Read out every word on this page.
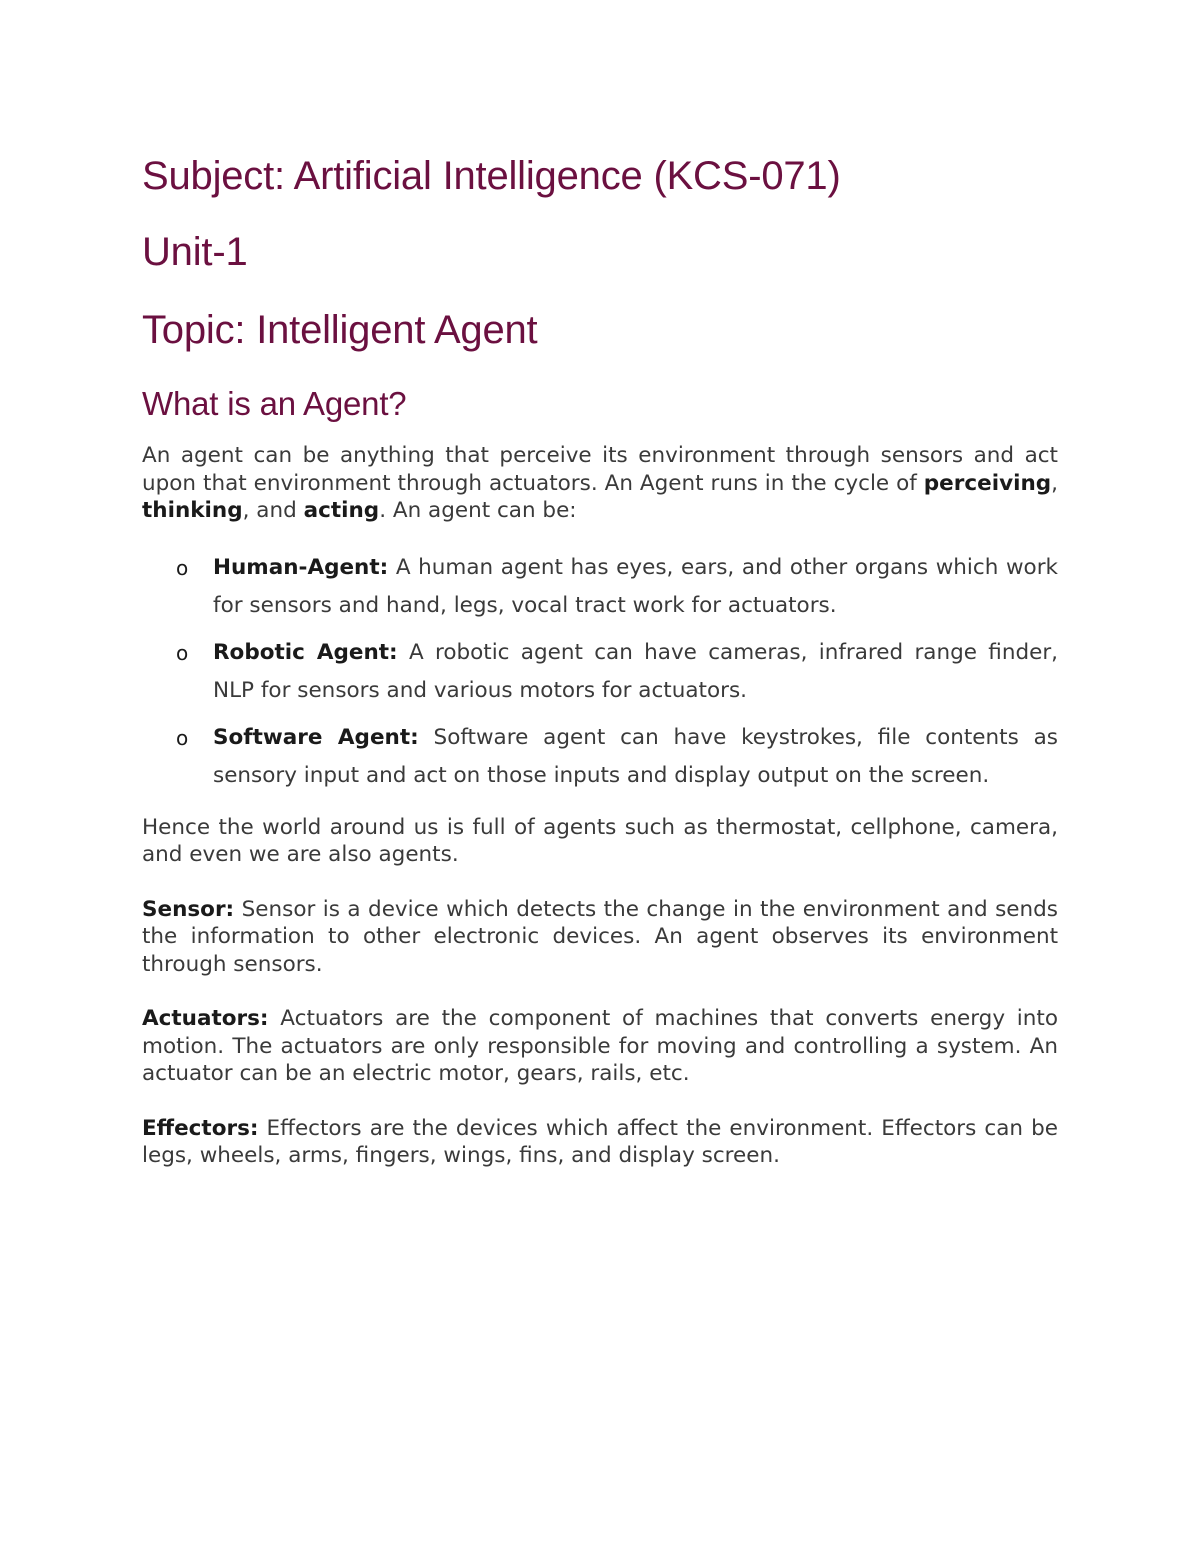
Subject: Artificial Intelligence (KCS-071)
Unit-1
Topic: Intelligent Agent
What is an Agent?

An agent can be anything that perceive its environment through sensors and act upon that environment through actuators. An Agent runs in the cycle of perceiving, thinking, and acting. An agent can be:

o Human-Agent: A human agent has eyes, ears, and other organs which work for sensors and hand, legs, vocal tract work for actuators.

o Robotic Agent: A robotic agent can have cameras, infrared range finder, NLP for sensors and various motors for actuators.

o Software Agent: Software agent can have keystrokes, file contents as sensory input and act on those inputs and display output on the screen.

Hence the world around us is full of agents such as thermostat, cellphone, camera, and even we are also agents.

Sensor: Sensor is a device which detects the change in the environment and sends the information to other electronic devices. An agent observes its environment through sensors.

Actuators: Actuators are the component of machines that converts energy into motion. The actuators are only responsible for moving and controlling a system. An actuator can be an electric motor, gears, rails, etc.

Effectors: Effectors are the devices which affect the environment. Effectors can be legs, wheels, arms, fingers, wings, fins, and display screen.
